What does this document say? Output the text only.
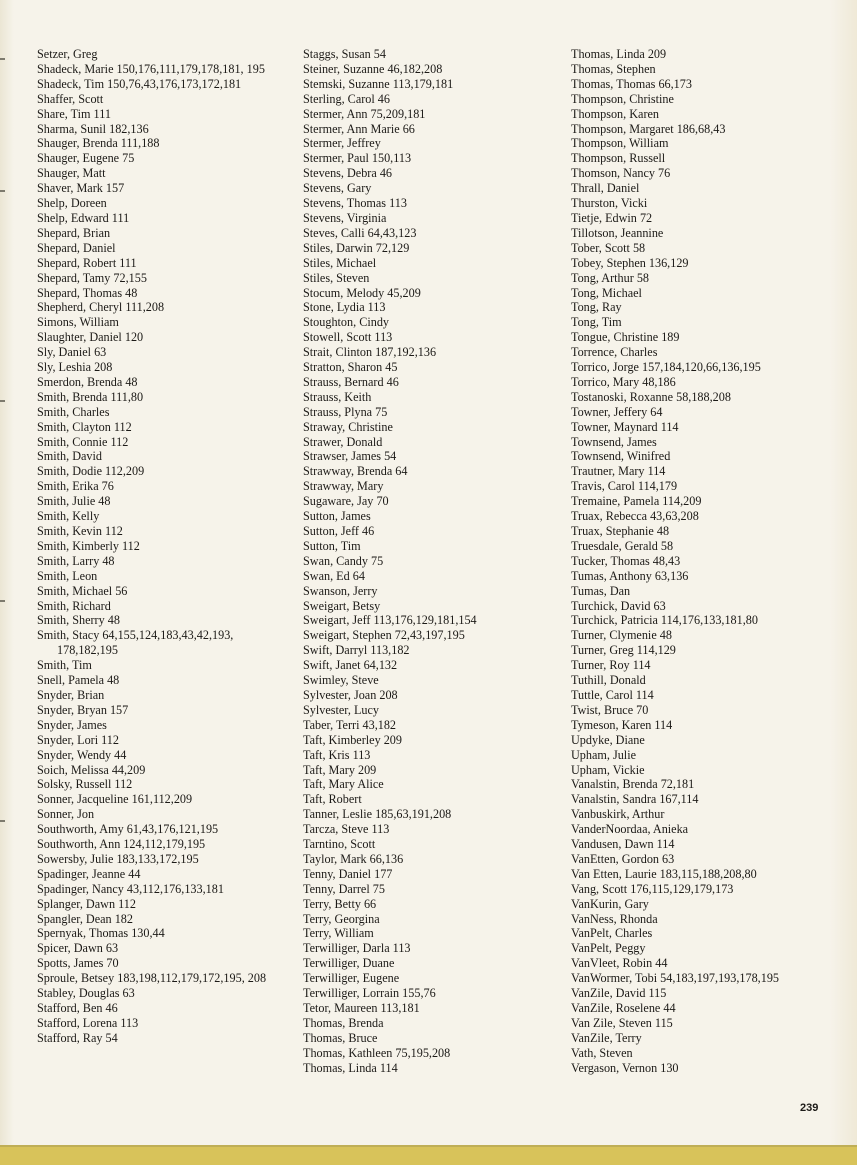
Setzer, Greg
Shadeck, Marie 150,176,111,179,178,181, 195
Shadeck, Tim 150,76,43,176,173,172,181
Shaffer, Scott
Share, Tim 111
Sharma, Sunil 182,136
Shauger, Brenda 111,188
Shauger, Eugene 75
Shauger, Matt
Shaver, Mark 157
Shelp, Doreen
Shelp, Edward 111
Shepard, Brian
Shepard, Daniel
Shepard, Robert 111
Shepard, Tamy 72,155
Shepard, Thomas 48
Shepherd, Cheryl 111,208
Simons, William
Slaughter, Daniel 120
Sly, Daniel 63
Sly, Leshia 208
Smerdon, Brenda 48
Smith, Brenda 111,80
Smith, Charles
Smith, Clayton 112
Smith, Connie 112
Smith, David
Smith, Dodie 112,209
Smith, Erika 76
Smith, Julie 48
Smith, Kelly
Smith, Kevin 112
Smith, Kimberly 112
Smith, Larry 48
Smith, Leon
Smith, Michael 56
Smith, Richard
Smith, Sherry 48
Smith, Stacy 64,155,124,183,43,42,193, 178,182,195
Smith, Tim
Snell, Pamela 48
Snyder, Brian
Snyder, Bryan 157
Snyder, James
Snyder, Lori 112
Snyder, Wendy 44
Soich, Melissa 44,209
Solsky, Russell 112
Sonner, Jacqueline 161,112,209
Sonner, Jon
Southworth, Amy 61,43,176,121,195
Southworth, Ann 124,112,179,195
Sowersby, Julie 183,133,172,195
Spadinger, Jeanne 44
Spadinger, Nancy 43,112,176,133,181
Splanger, Dawn 112
Spangler, Dean 182
Spernyak, Thomas 130,44
Spicer, Dawn 63
Spotts, James 70
Sproule, Betsey 183,198,112,179,172,195, 208
Stabley, Douglas 63
Stafford, Ben 46
Stafford, Lorena 113
Stafford, Ray 54
Staggs, Susan 54
Steiner, Suzanne 46,182,208
Stemski, Suzanne 113,179,181
Sterling, Carol 46
Stermer, Ann 75,209,181
Stermer, Ann Marie 66
Stermer, Jeffrey
Stermer, Paul 150,113
Stevens, Debra 46
Stevens, Gary
Stevens, Thomas 113
Stevens, Virginia
Steves, Calli 64,43,123
Stiles, Darwin 72,129
Stiles, Michael
Stiles, Steven
Stocum, Melody 45,209
Stone, Lydia 113
Stoughton, Cindy
Stowell, Scott 113
Strait, Clinton 187,192,136
Stratton, Sharon 45
Strauss, Bernard 46
Strauss, Keith
Strauss, Plyna 75
Straway, Christine
Strawer, Donald
Strawser, James 54
Strawway, Brenda 64
Strawway, Mary
Sugaware, Jay 70
Sutton, James
Sutton, Jeff 46
Sutton, Tim
Swan, Candy 75
Swan, Ed 64
Swanson, Jerry
Sweigart, Betsy
Sweigart, Jeff 113,176,129,181,154
Sweigart, Stephen 72,43,197,195
Swift, Darryl 113,182
Swift, Janet 64,132
Swimley, Steve
Sylvester, Joan 208
Sylvester, Lucy
Taber, Terri 43,182
Taft, Kimberley 209
Taft, Kris 113
Taft, Mary 209
Taft, Mary Alice
Taft, Robert
Tanner, Leslie 185,63,191,208
Tarcza, Steve 113
Tarntino, Scott
Taylor, Mark 66,136
Tenny, Daniel 177
Tenny, Darrel 75
Terry, Betty 66
Terry, Georgina
Terry, William
Terwilliger, Darla 113
Terwilliger, Duane
Terwilliger, Eugene
Terwilliger, Lorrain 155,76
Tetor, Maureen 113,181
Thomas, Brenda
Thomas, Bruce
Thomas, Kathleen 75,195,208
Thomas, Linda 114
Thomas, Linda 209
Thomas, Stephen
Thomas, Thomas 66,173
Thompson, Christine
Thompson, Karen
Thompson, Margaret 186,68,43
Thompson, William
Thompson, Russell
Thomson, Nancy 76
Thrall, Daniel
Thurston, Vicki
Tietje, Edwin 72
Tillotson, Jeannine
Tober, Scott 58
Tobey, Stephen 136,129
Tong, Arthur 58
Tong, Michael
Tong, Ray
Tong, Tim
Tongue, Christine 189
Torrence, Charles
Torrico, Jorge 157,184,120,66,136,195
Torrico, Mary 48,186
Tostanoski, Roxanne 58,188,208
Towner, Jeffery 64
Towner, Maynard 114
Townsend, James
Townsend, Winifred
Trautner, Mary 114
Travis, Carol 114,179
Tremaine, Pamela 114,209
Truax, Rebecca 43,63,208
Truax, Stephanie 48
Truesdale, Gerald 58
Tucker, Thomas 48,43
Tumas, Anthony 63,136
Tumas, Dan
Turchick, David 63
Turchick, Patricia 114,176,133,181,80
Turner, Clymenie 48
Turner, Greg 114,129
Turner, Roy 114
Tuthill, Donald
Tuttle, Carol 114
Twist, Bruce 70
Tymeson, Karen 114
Updyke, Diane
Upham, Julie
Upham, Vickie
Vanalstin, Brenda 72,181
Vanalstin, Sandra 167,114
Vanbuskirk, Arthur
VanderNoordaa, Anieka
Vandusen, Dawn 114
VanEtten, Gordon 63
Van Etten, Laurie 183,115,188,208,80
Vang, Scott 176,115,129,179,173
VanKurin, Gary
VanNess, Rhonda
VanPelt, Charles
VanPelt, Peggy
VanVleet, Robin 44
VanWormer, Tobi 54,183,197,193,178,195
VanZile, David 115
VanZile, Roselene 44
Van Zile, Steven 115
VanZile, Terry
Vath, Steven
Vergason, Vernon 130
239
